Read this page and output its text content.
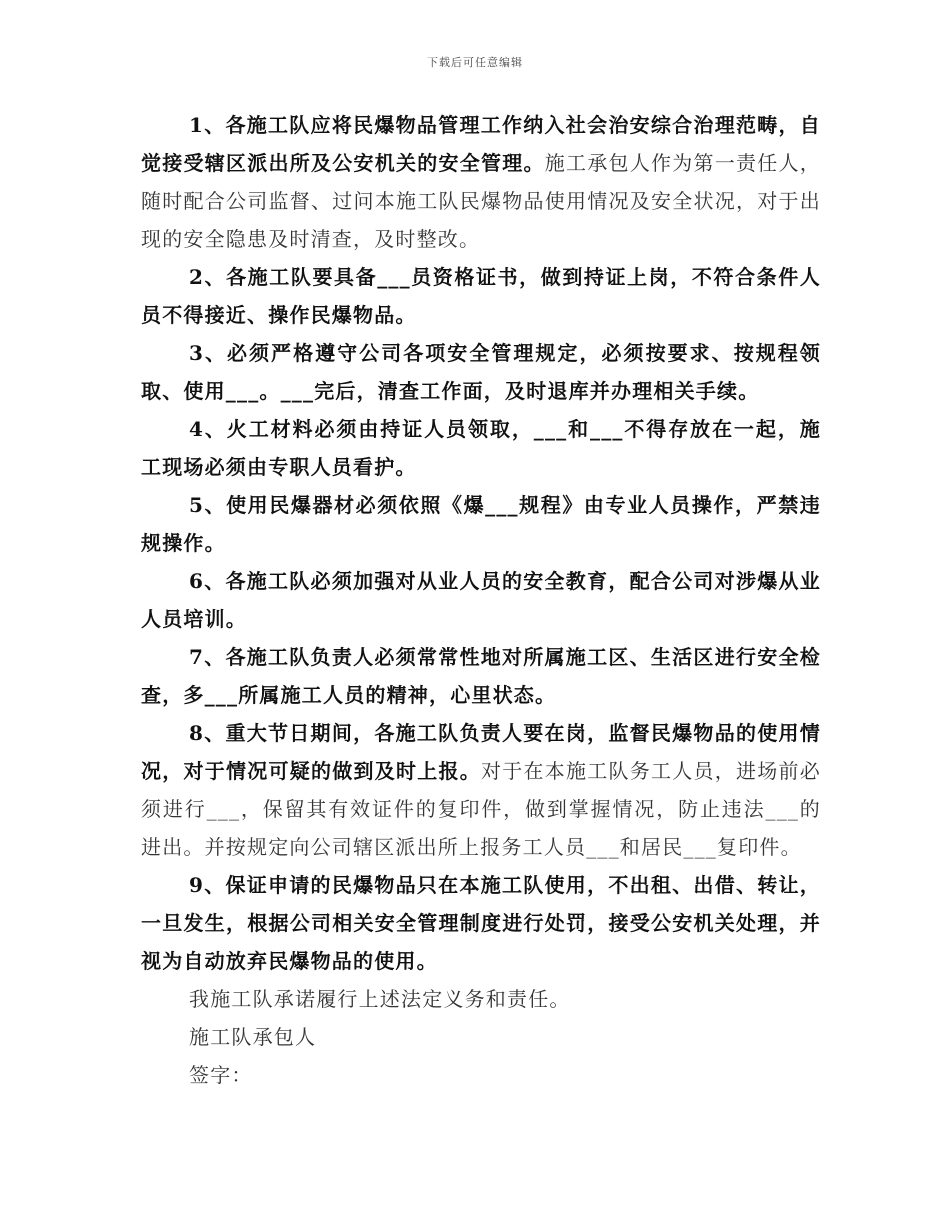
下载后可任意编辑

1、各施工队应将民爆物品管理工作纳入社会治安综合治理范畴，自觉接受辖区派出所及公安机关的安全管理。施工承包人作为第一责任人，随时配合公司监督、过问本施工队民爆物品使用情况及安全状况，对于出现的安全隐患及时清查，及时整改。

2、各施工队要具备___员资格证书，做到持证上岗，不符合条件人员不得接近、操作民爆物品。

3、必须严格遵守公司各项安全管理规定，必须按要求、按规程领取、使用___。___完后，清查工作面，及时退库并办理相关手续。

4、火工材料必须由持证人员领取，___和___不得存放在一起，施工现场必须由专职人员看护。

5、使用民爆器材必须依照《爆___规程》由专业人员操作，严禁违规操作。

6、各施工队必须加强对从业人员的安全教育，配合公司对涉爆从业人员培训。

7、各施工队负责人必须常常性地对所属施工区、生活区进行安全检查，多___所属施工人员的精神，心里状态。

8、重大节日期间，各施工队负责人要在岗，监督民爆物品的使用情况，对于情况可疑的做到及时上报。对于在本施工队务工人员，进场前必须进行___，保留其有效证件的复印件，做到掌握情况，防止违法___的进出。并按规定向公司辖区派出所上报务工人员___和居民___复印件。

9、保证申请的民爆物品只在本施工队使用，不出租、出借、转让，一旦发生，根据公司相关安全管理制度进行处罚，接受公安机关处理，并视为自动放弃民爆物品的使用。

我施工队承诺履行上述法定义务和责任。

施工队承包人

签字：
